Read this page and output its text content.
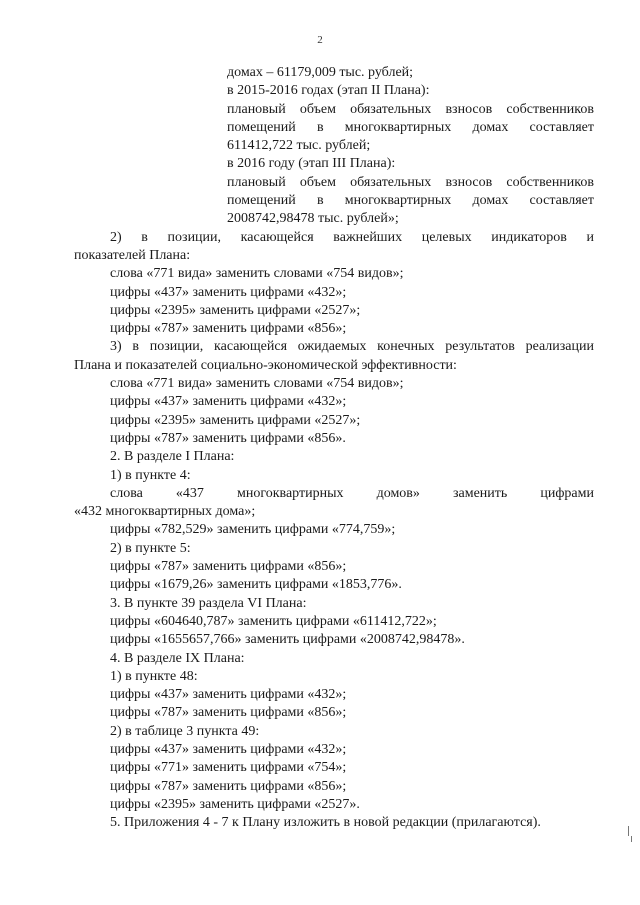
2
домах – 61179,009 тыс. рублей;
в 2015-2016 годах (этап II Плана):
плановый объем обязательных взносов собственников
помещений в многоквартирных домах составляет
611412,722 тыс. рублей;
в 2016 году (этап III Плана):
плановый объем обязательных взносов собственников
помещений в многоквартирных домах составляет
2008742,98478 тыс. рублей»;
2) в позиции, касающейся важнейших целевых индикаторов и
показателей Плана:
слова «771 вида» заменить словами «754 видов»;
цифры «437» заменить цифрами «432»;
цифры «2395» заменить цифрами «2527»;
цифры «787» заменить цифрами «856»;
3) в позиции, касающейся ожидаемых конечных результатов реализации
Плана и показателей социально-экономической эффективности:
слова «771 вида» заменить словами «754 видов»;
цифры «437» заменить цифрами «432»;
цифры «2395» заменить цифрами «2527»;
цифры «787» заменить цифрами «856».
2. В разделе I Плана:
1) в пункте 4:
слова «437 многоквартирных домов» заменить цифрами
«432 многоквартирных дома»;
цифры «782,529» заменить цифрами «774,759»;
2) в пункте 5:
цифры «787» заменить цифрами «856»;
цифры «1679,26» заменить цифрами «1853,776».
3. В пункте 39 раздела VI Плана:
цифры «604640,787» заменить цифрами «611412,722»;
цифры «1655657,766» заменить цифрами «2008742,98478».
4. В разделе IX Плана:
1) в пункте 48:
цифры «437» заменить цифрами «432»;
цифры «787» заменить цифрами «856»;
2) в таблице 3 пункта 49:
цифры «437» заменить цифрами «432»;
цифры «771» заменить цифрами «754»;
цифры «787» заменить цифрами «856»;
цифры «2395» заменить цифрами «2527».
5. Приложения 4 - 7 к Плану изложить в новой редакции (прилагаются).
